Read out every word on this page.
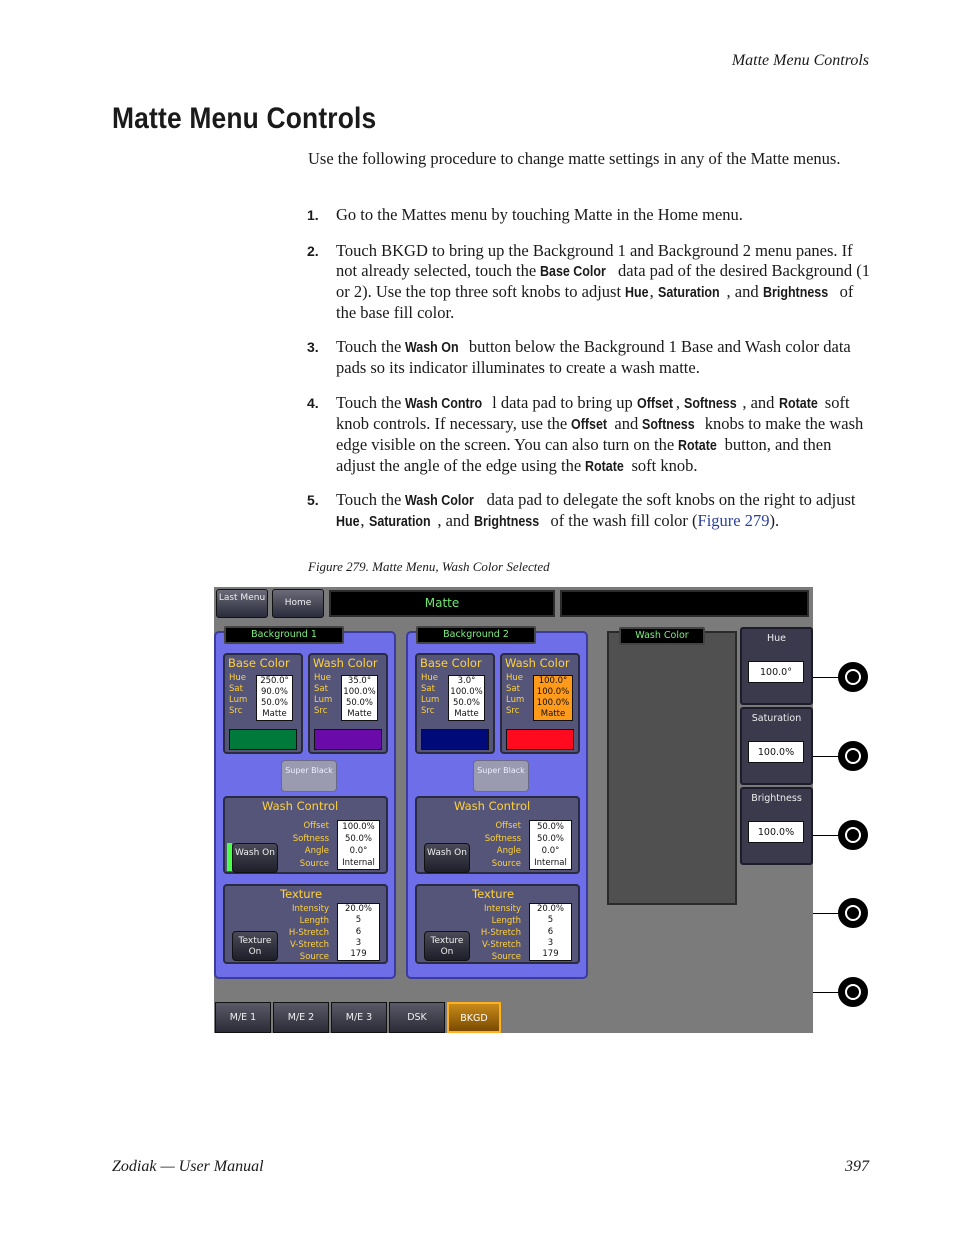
Matte Menu Controls
Matte Menu Controls
Use the following procedure to change matte settings in any of the Matte menus.
1. Go to the Mattes menu by touching Matte in the Home menu.
2. Touch BKGD to bring up the Background 1 and Background 2 menu panes. If not already selected, touch the Base Color data pad of the desired Background (1 or 2). Use the top three soft knobs to adjust Hue, Saturation , and Brightness of the base fill color.
3. Touch the Wash On button below the Background 1 Base and Wash color data pads so its indicator illuminates to create a wash matte.
4. Touch the Wash Contro l data pad to bring up Offset , Softness , and Rotate soft knob controls. If necessary, use the Offset and Softness knobs to make the wash edge visible on the screen. You can also turn on the Rotate button, and then adjust the angle of the edge using the Rotate soft knob.
5. Touch the Wash Color data pad to delegate the soft knobs on the right to adjust Hue, Saturation , and Brightness of the wash fill color (Figure 279).
Figure 279. Matte Menu, Wash Color Selected
Last Menu	Home	Matte
Background 1	Background 2
Base Color
Hue
Sat
Lum
Src
250.0°
90.0%
50.0%
Matte
Wash Color
Hue
Sat
Lum
Src
35.0°
100.0%
50.0%
Matte
Base Color
Hue
Sat
Lum
Src
3.0°
100.0%
50.0%
Matte
Wash Color
Hue
Sat
Lum
Src
100.0°
100.0%
100.0%
Matte
Super Black	Super Black
Wash Control
Offset
Softness
Angle
Source
100.0%
50.0%
0.0°
Internal
Wash On
Wash Control
Offset
Softness
Angle
Source
50.0%
50.0%
0.0°
Internal
Wash On
Texture
Intensity
Length
H-Stretch
V-Stretch
Source
20.0%
5
6
3
179
Texture On
Texture
Intensity
Length
H-Stretch
V-Stretch
Source
20.0%
5
6
3
179
Texture On
Wash Color	Hue
100.0°
Saturation
100.0%
Brightness
100.0%
M/E 1	M/E 2	M/E 3	DSK	BKGD
Zodiak — User Manual	397
